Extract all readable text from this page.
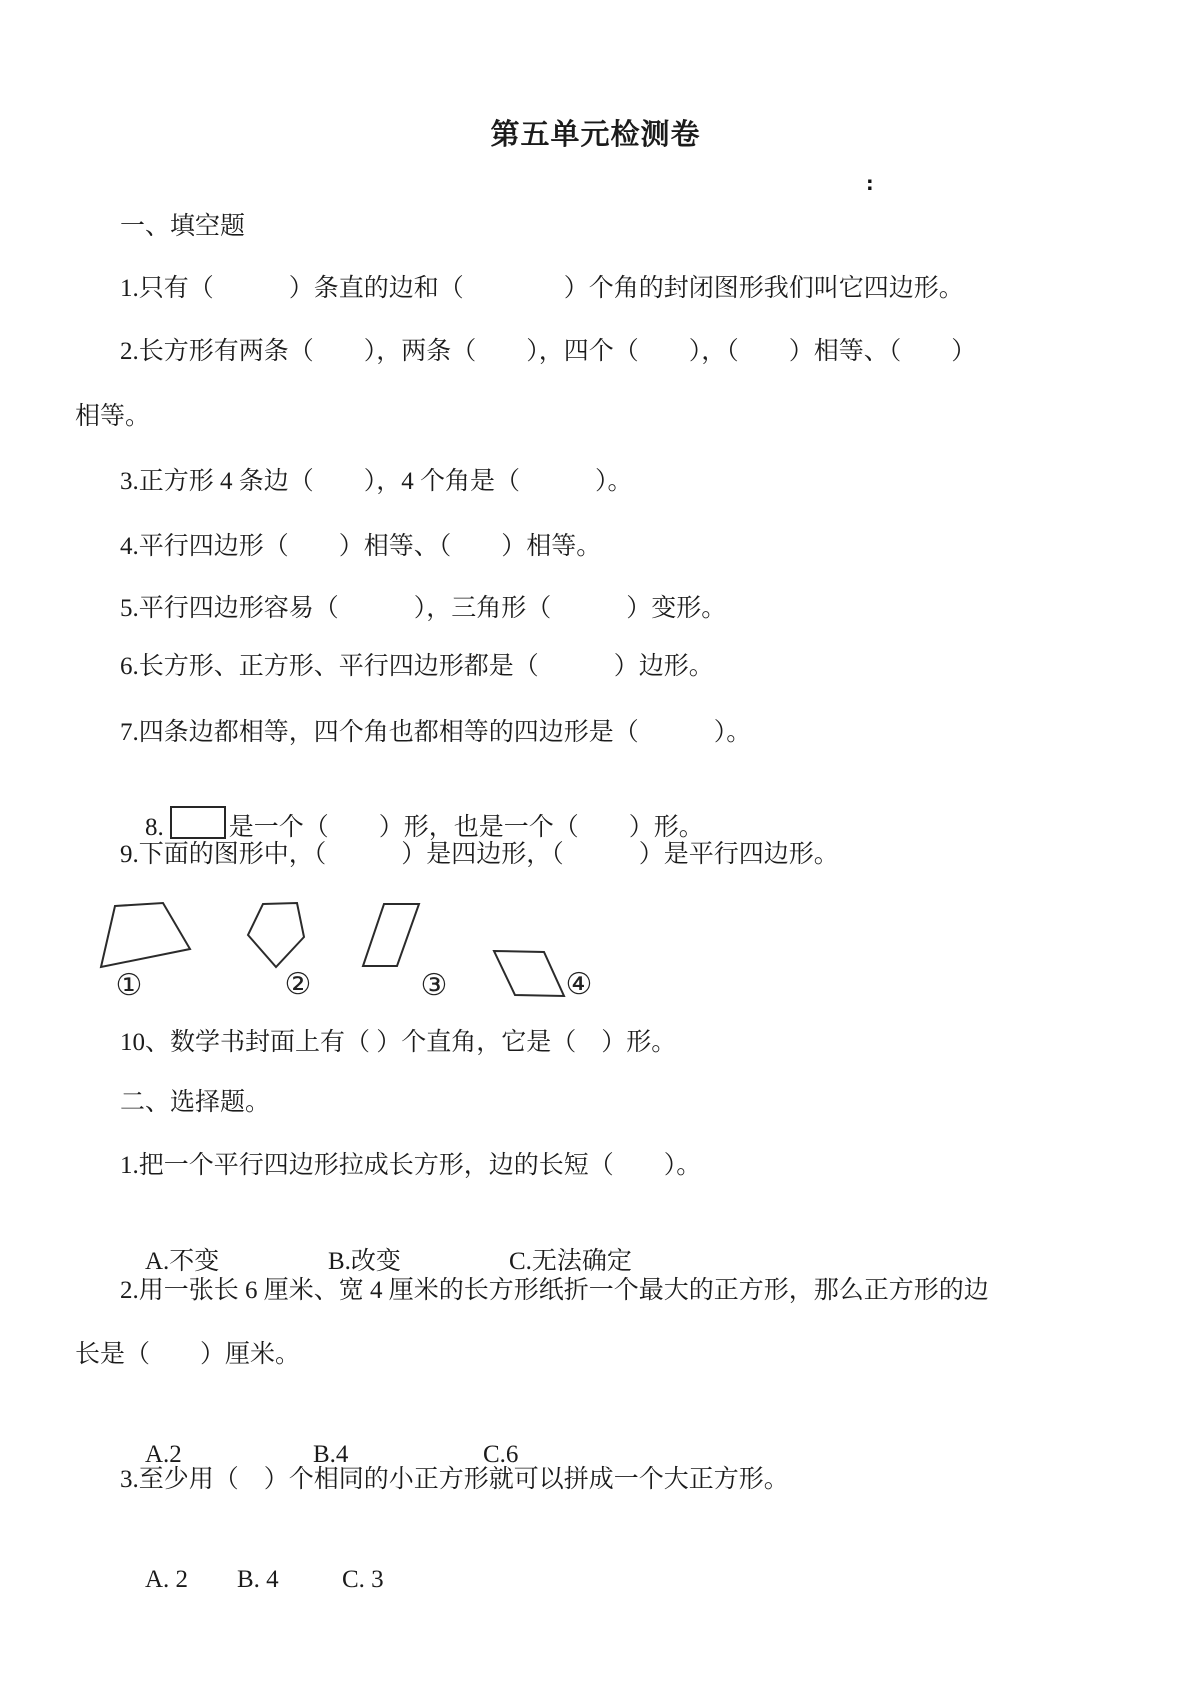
第五单元检测卷
:
一、填空题
1.只有（　　　）条直的边和（　　　　）个角的封闭图形我们叫它四边形。
2.长方形有两条（　　），两条（　　），四个（　　），（　　）相等、（　　）
相等。
3.正方形 4 条边（　　），4 个角是（　　　）。
4.平行四边形（　　）相等、（　　）相等。
5.平行四边形容易（　　　），三角形（　　　）变形。
6.长方形、正方形、平行四边形都是（　　　）边形。
7.四条边都相等，四个角也都相等的四边形是（　　　）。

8.	是一个（　　）形，也是一个（　　）形。

9.下面的图形中，（　　　）是四边形，（　　　）是平行四边形。
①	②	③	④
10、数学书封面上有（ ）个直角，它是（　）形。
二、选择题。
1.把一个平行四边形拉成长方形，边的长短（　　）。

A.不变	B.改变	C.无法确定

2.用一张长 6 厘米、宽 4 厘米的长方形纸折一个最大的正方形，那么正方形的边
长是（　　）厘米。

A.2	B.4	C.6

3.至少用（　）个相同的小正方形就可以拼成一个大正方形。

A. 2 B. 4	C. 3
